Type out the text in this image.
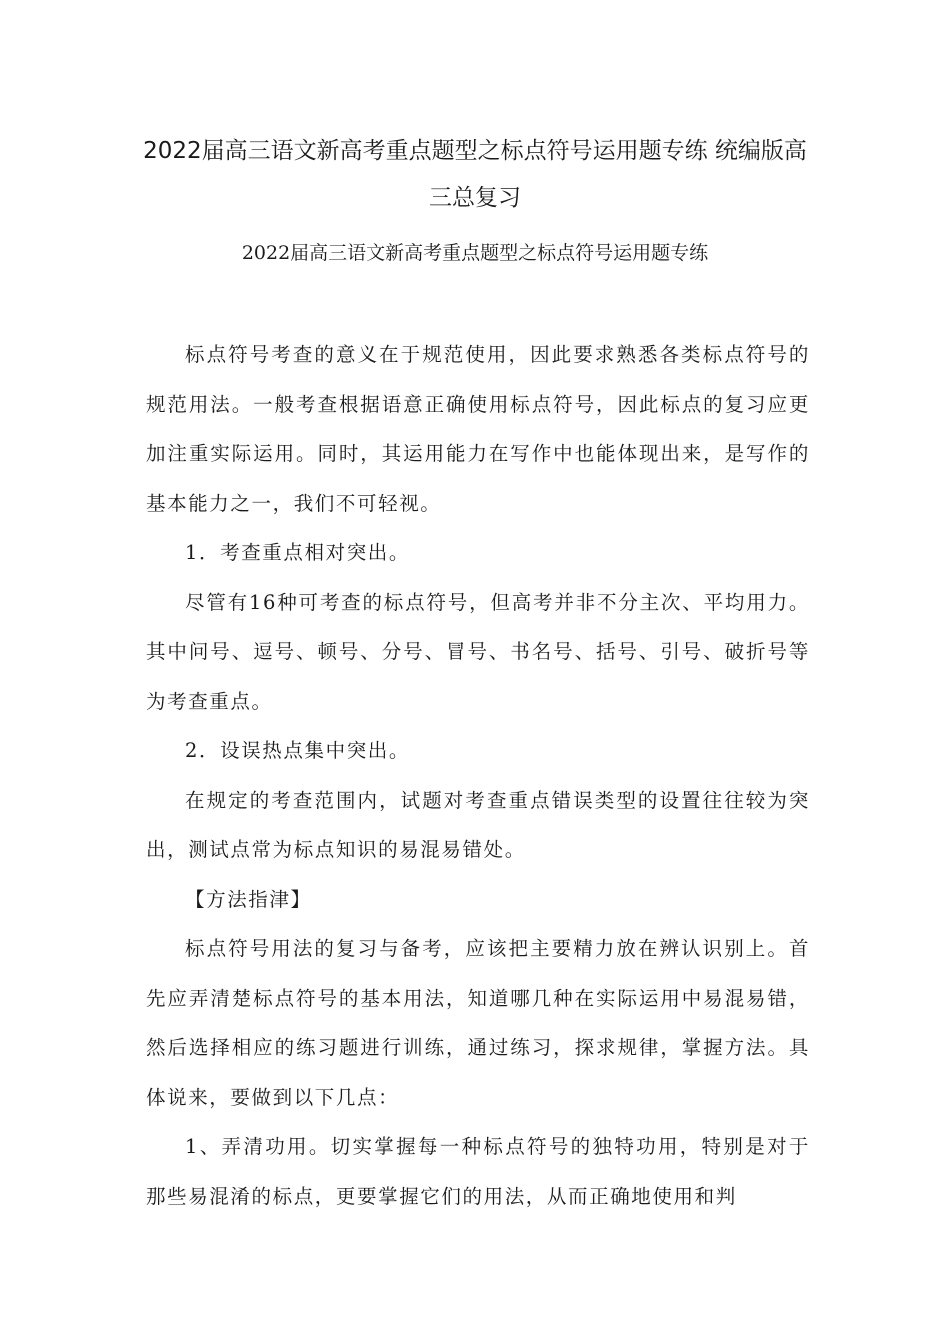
2022届高三语文新高考重点题型之标点符号运用题专练 统编版高三总复习
2022届高三语文新高考重点题型之标点符号运用题专练

标点符号考查的意义在于规范使用，因此要求熟悉各类标点符号的规范用法。一般考查根据语意正确使用标点符号，因此标点的复习应更加注重实际运用。同时，其运用能力在写作中也能体现出来，是写作的基本能力之一，我们不可轻视。

1．考查重点相对突出。

尽管有16种可考查的标点符号，但高考并非不分主次、平均用力。其中问号、逗号、顿号、分号、冒号、书名号、括号、引号、破折号等为考查重点。

2．设误热点集中突出。

在规定的考查范围内，试题对考查重点错误类型的设置往往较为突出，测试点常为标点知识的易混易错处。

【方法指津】

标点符号用法的复习与备考，应该把主要精力放在辨认识别上。首先应弄清楚标点符号的基本用法，知道哪几种在实际运用中易混易错，然后选择相应的练习题进行训练，通过练习，探求规律，掌握方法。具体说来，要做到以下几点：

1、弄清功用。切实掌握每一种标点符号的独特功用，特别是对于那些易混淆的标点，更要掌握它们的用法，从而正确地使用和判
